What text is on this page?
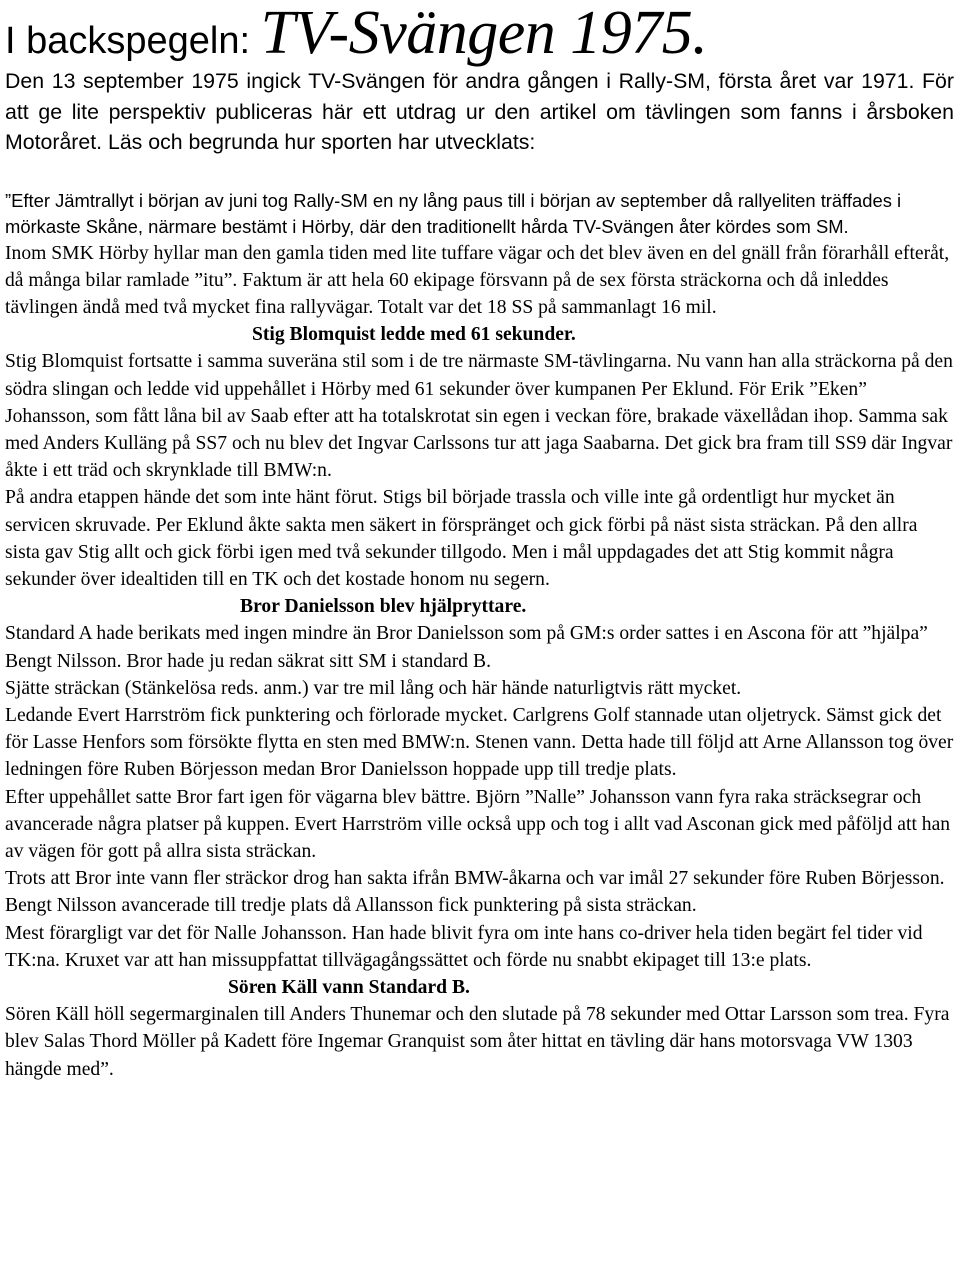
I backspegeln: TV-Svängen 1975.

Den 13 september 1975 ingick TV-Svängen för andra gången i Rally-SM, första året var 1971. För att ge lite perspektiv publiceras här ett utdrag ur den artikel om tävlingen som fanns i årsboken Motoråret. Läs och begrunda hur sporten har utvecklats:

”Efter Jämtrallyt i början av juni tog Rally-SM en ny lång paus till i början av september då rallyeliten träffades i mörkaste Skåne, närmare bestämt i Hörby, där den traditionellt hårda TV-Svängen åter kördes som SM.

Inom SMK Hörby hyllar man den gamla tiden med lite tuffare vägar och det blev även en del gnäll från förarhåll efteråt, då många bilar ramlade ”itu”. Faktum är att hela 60 ekipage försvann på de sex första sträckorna och då inleddes tävlingen ändå med två mycket fina rallyvägar. Totalt var det 18 SS på sammanlagt 16 mil.

Stig Blomquist ledde med 61 sekunder.

Stig Blomquist fortsatte i samma suveräna stil som i de tre närmaste SM-tävlingarna. Nu vann han alla sträckorna på den södra slingan och ledde vid uppehållet i Hörby med 61 sekunder över kumpanen Per Eklund. För Erik ”Eken” Johansson, som fått låna bil av Saab efter att ha totalskrotat sin egen i veckan före, brakade växellådan ihop. Samma sak med Anders Kulläng på SS7 och nu blev det Ingvar Carlssons tur att jaga Saabarna. Det gick bra fram till SS9 där Ingvar åkte i ett träd och skrynklade till BMW:n.

På andra etappen hände det som inte hänt förut. Stigs bil började trassla och ville inte gå ordentligt hur mycket än servicen skruvade. Per Eklund åkte sakta men säkert in förspränget och gick förbi på näst sista sträckan. På den allra sista gav Stig allt och gick förbi igen med två sekunder tillgodo. Men i mål uppdagades det att Stig kommit några sekunder över idealtiden till en TK och det kostade honom nu segern.

Bror Danielsson blev hjälpryttare.

Standard A hade berikats med ingen mindre än Bror Danielsson som på GM:s order sattes i en Ascona för att ”hjälpa” Bengt Nilsson. Bror hade ju redan säkrat sitt SM i standard B.

Sjätte sträckan (Stänkelösa reds. anm.) var tre mil lång och här hände naturligtvis rätt mycket.

Ledande Evert Harrström fick punktering och förlorade mycket. Carlgrens Golf stannade utan oljetryck. Sämst gick det för Lasse Henfors som försökte flytta en sten med BMW:n. Stenen vann. Detta hade till följd att Arne Allansson tog över ledningen före Ruben Börjesson medan Bror Danielsson hoppade upp till tredje plats.

Efter uppehållet satte Bror fart igen för vägarna blev bättre. Björn ”Nalle” Johansson vann fyra raka sträcksegrar och avancerade några platser på kuppen. Evert Harrström ville också upp och tog i allt vad Asconan gick med påföljd att han av vägen för gott på allra sista sträckan.

Trots att Bror inte vann fler sträckor drog han sakta ifrån BMW-åkarna och var imål 27 sekunder före Ruben Börjesson. Bengt Nilsson avancerade till tredje plats då Allansson fick punktering på sista sträckan.

Mest förargligt var det för Nalle Johansson. Han hade blivit fyra om inte hans co-driver hela tiden begärt fel tider vid TK:na. Kruxet var att han missuppfattat tillvägagångssättet och förde nu snabbt ekipaget till 13:e plats.

Sören Käll vann Standard B.

Sören Käll höll segermarginalen till Anders Thunemar och den slutade på 78 sekunder med Ottar Larsson som trea. Fyra blev Salas Thord Möller på Kadett före Ingemar Granquist som åter hittat en tävling där hans motorsvaga VW 1303 hängde med”.
